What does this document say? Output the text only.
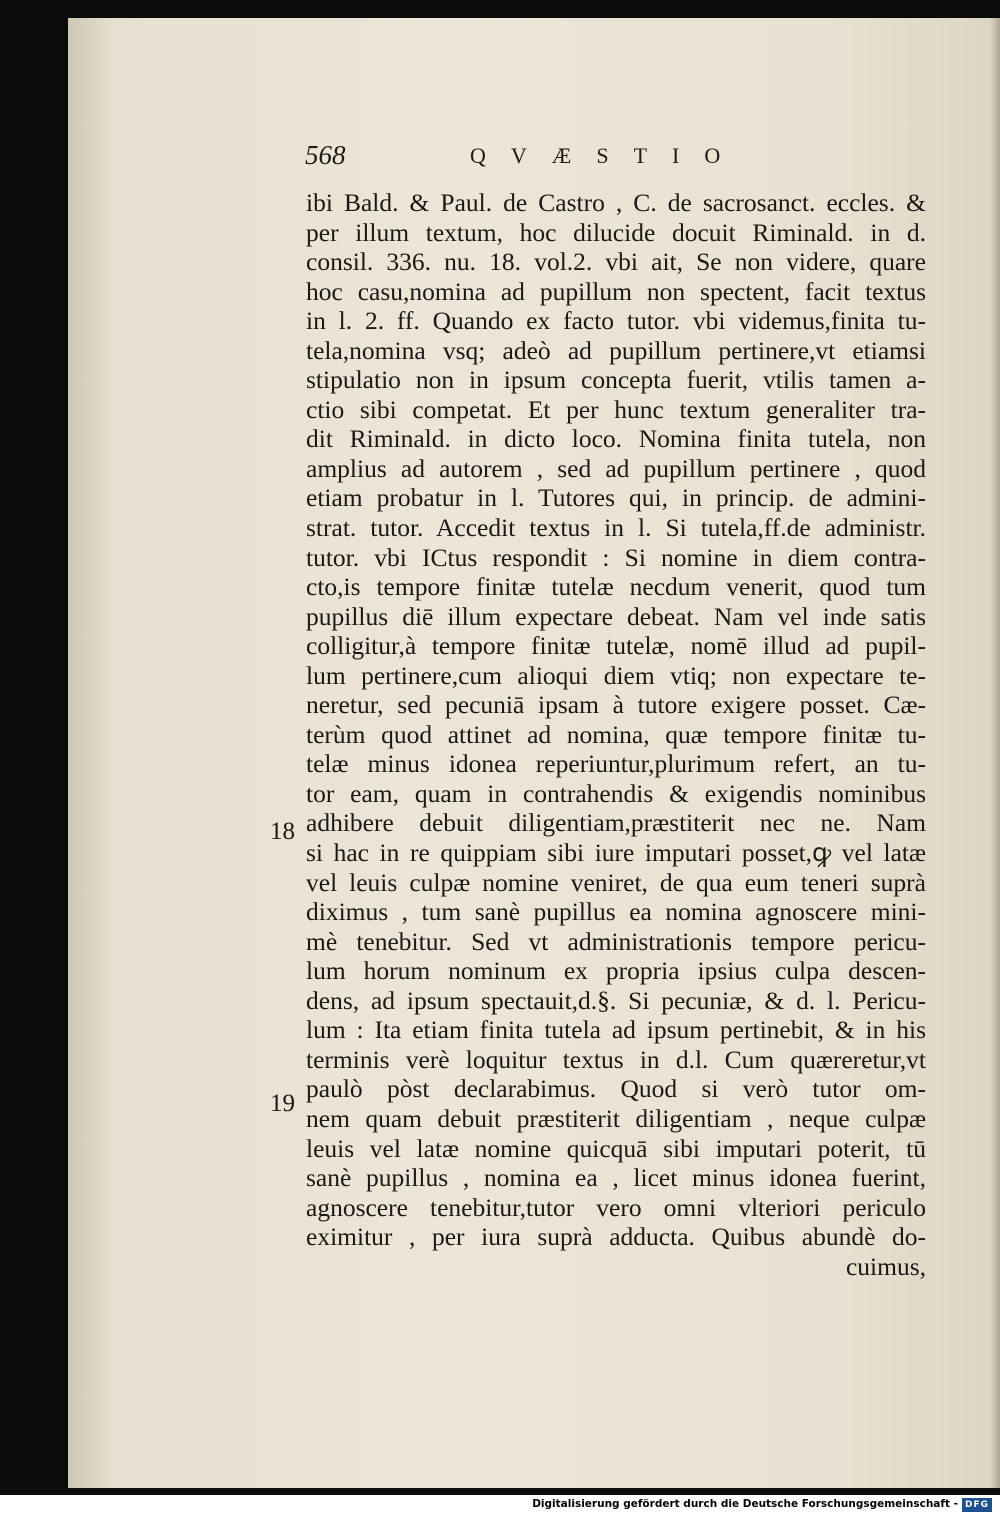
568	QVÆSTIO
ibi Bald. & Paul. de Castro , C. de sacrosanct. eccles. &
per illum textum, hoc dilucide docuit Riminald. in d.
consil. 336. nu. 18. vol.2. vbi ait, Se non videre, quare
hoc casu,nomina ad pupillum non spectent, facit textus
in l. 2. ff. Quando ex facto tutor. vbi videmus,finita tu-
tela,nomina vsq; adeò ad pupillum pertinere,vt etiamsi
stipulatio non in ipsum concepta fuerit, vtilis tamen a-
ctio sibi competat. Et per hunc textum generaliter tra-
dit Riminald. in dicto loco. Nomina finita tutela, non
amplius ad autorem , sed ad pupillum pertinere , quod
etiam probatur in l. Tutores qui, in princip. de admini-
strat. tutor. Accedit textus in l. Si tutela,ff.de administr.
tutor. vbi ICtus respondit : Si nomine in diem contra-
cto,is tempore finitæ tutelæ necdum venerit, quod tum
pupillus diē illum expectare debeat. Nam vel inde satis
colligitur,à tempore finitæ tutelæ, nomē illud ad pupil-
lum pertinere,cum alioqui diem vtiq; non expectare te-
neretur, sed pecuniā ipsam à tutore exigere posset. Cæ-
terùm quod attinet ad nomina, quæ tempore finitæ tu-
telæ minus idonea reperiuntur,plurimum refert, an tu-
tor eam, quam in contrahendis & exigendis nominibus
adhibere debuit diligentiam,præstiterit nec ne. Nam
si hac in re quippiam sibi iure imputari posset,ꝙ vel latæ
vel leuis culpæ nomine veniret, de qua eum teneri suprà
diximus , tum sanè pupillus ea nomina agnoscere mini-
mè tenebitur. Sed vt administrationis tempore pericu-
lum horum nominum ex propria ipsius culpa descen-
dens, ad ipsum spectauit,d.§. Si pecuniæ, & d. l. Pericu-
lum : Ita etiam finita tutela ad ipsum pertinebit, & in his
terminis verè loquitur textus in d.l. Cum quæreretur,vt
paulò pòst declarabimus. Quod si verò tutor om-
nem quam debuit præstiterit diligentiam , neque culpæ
leuis vel latæ nomine quicquā sibi imputari poterit, tū
sanè pupillus , nomina ea , licet minus idonea fuerint,
agnoscere tenebitur,tutor vero omni vlteriori periculo
eximitur , per iura suprà adducta. Quibus abundè do-
cuimus,
18
19
Digitalisierung gefördert durch die Deutsche Forschungsgemeinschaft - DFG
